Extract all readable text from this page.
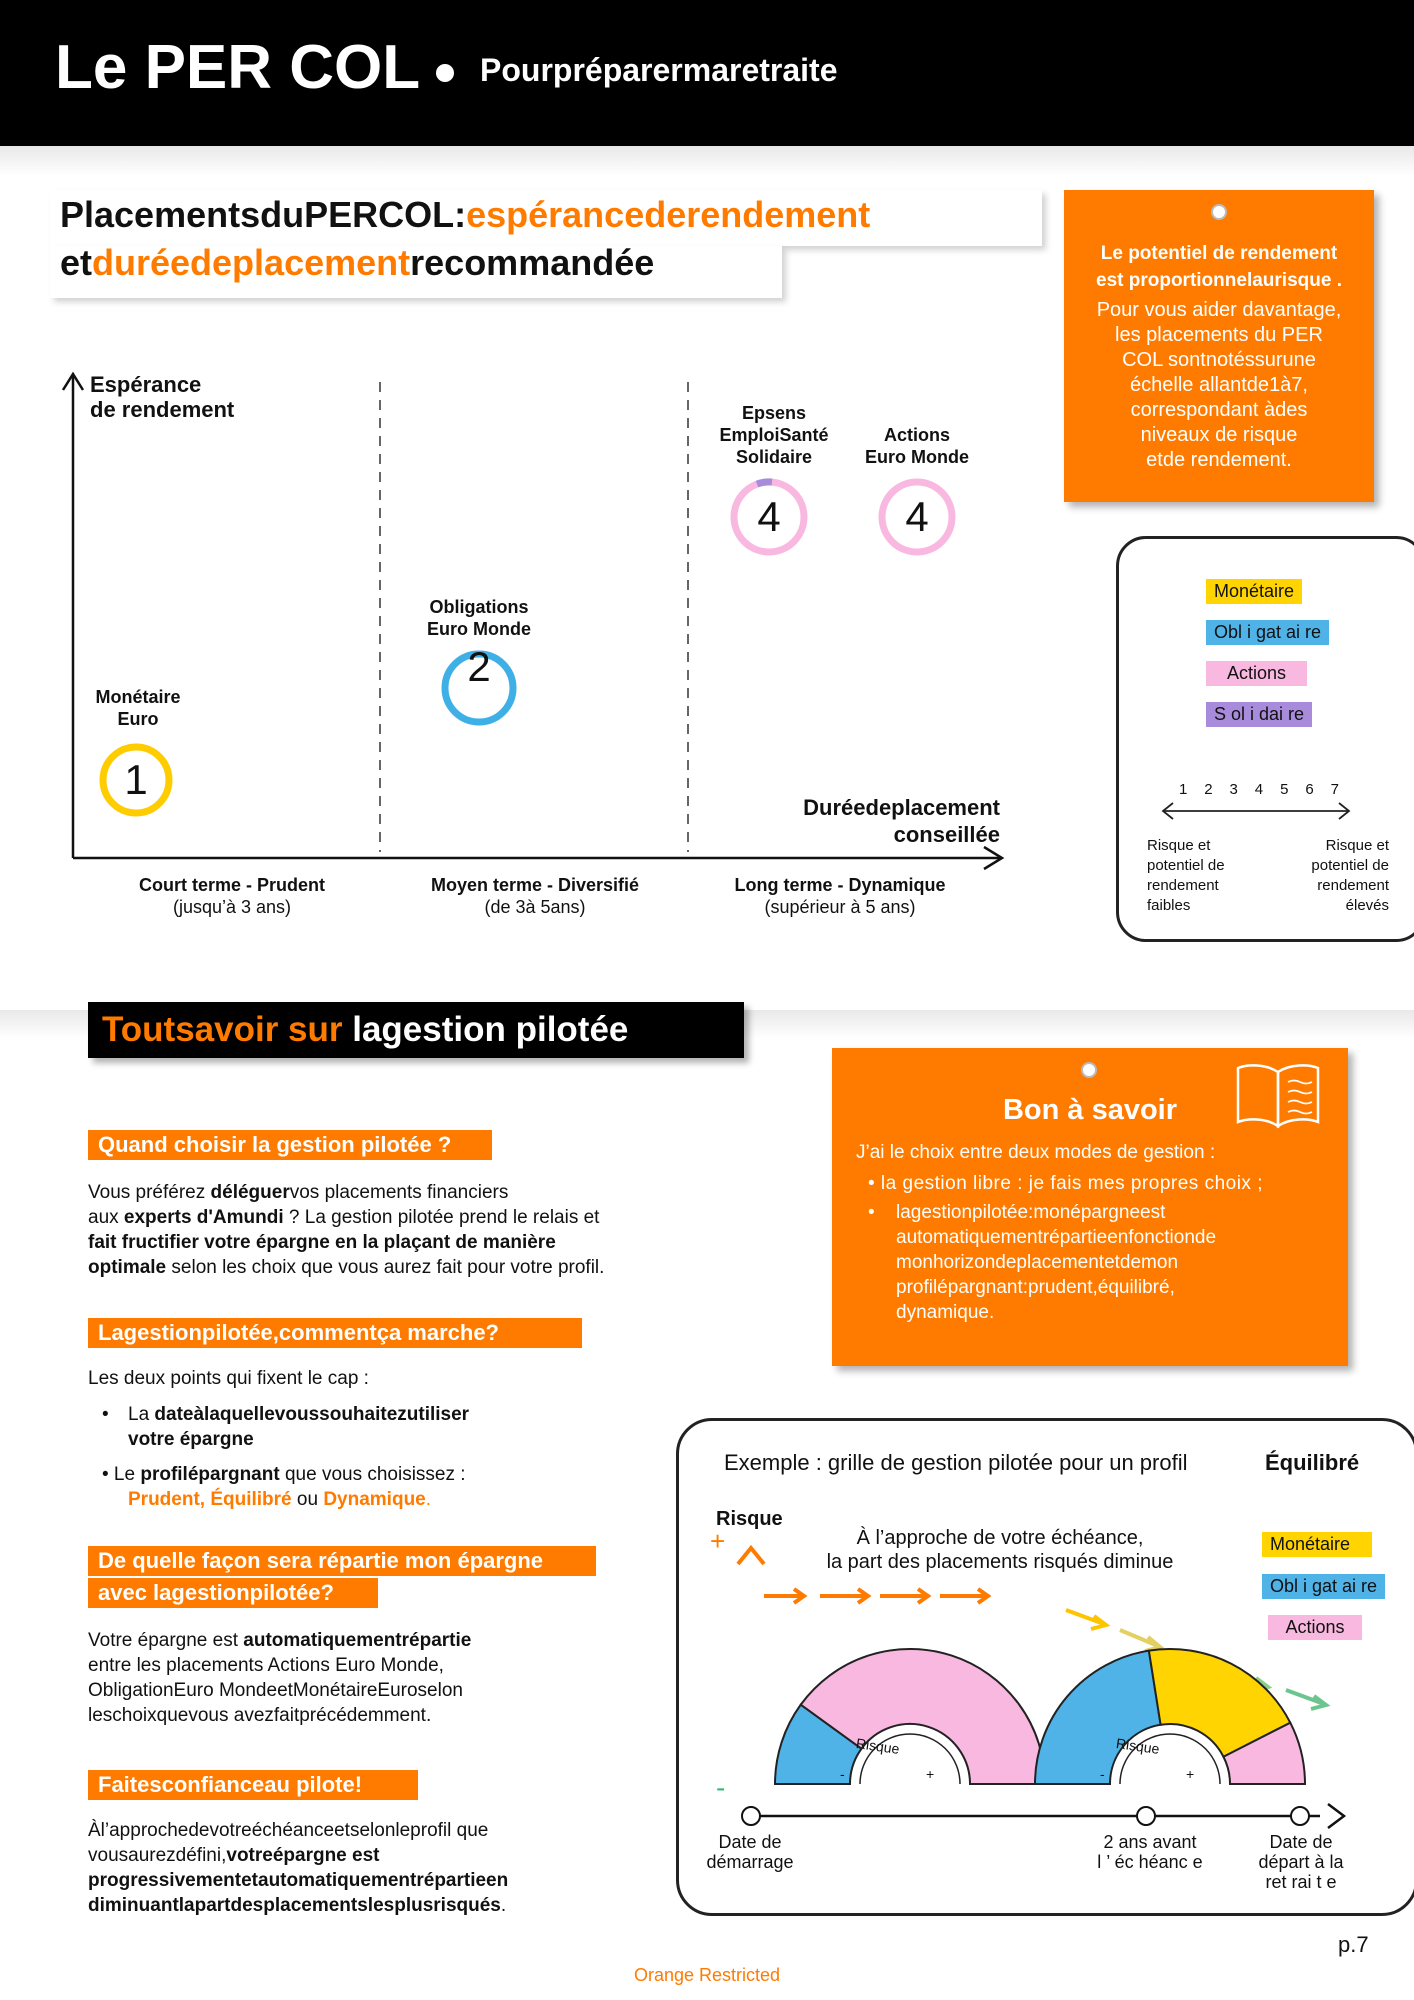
Le PER COL Pourpréparermaretraite
PlacementsduPERCOL:espérancederendement
etduréedeplacementrecommandée	Le potentiel de rendement
est proportionnelaurisque .
Pour vous aider davantage,
les placements du PER
COL sontnotéssurune
échelle allantde1à7,
correspondant àdes
niveaux de risque
etde rendement.
Espérance
de rendement
Duréedeplacement
conseillée
Monétaire
Euro
1
Obligations
Euro Monde
2
Epsens
EmploiSanté
Solidaire
4
Actions
Euro Monde
4
Court terme - Prudent
(jusqu’à 3 ans)
Moyen terme - Diversifié
(de 3à 5ans)
Long terme - Dynamique
(supérieur à 5 ans)
Monétaire
Obl i gat ai re
Actions
S ol i dai re
1 2 3 4 5 6 7
Risque et
potentiel de
rendement
faibles
Risque et
potentiel de
rendement
élevés
Toutsavoir sur lagestion pilotée
Quand choisir la gestion pilotée ?
Vous préférez déléguervos placements financiers
aux experts d'Amundi ? La gestion pilotée prend le relais et
fait fructifier votre épargne en la plaçant de manière
optimale selon les choix que vous aurez fait pour votre profil.
Lagestionpilotée,commentça marche?
Les deux points qui fixent le cap :
• La dateàlaquellevoussouhaitezutiliser
votre épargne
• Le profilépargnant que vous choisissez :
Prudent, Équilibré ou Dynamique.
De quelle façon sera répartie mon épargne
avec lagestionpilotée?
Votre épargne est automatiquementrépartie
entre les placements Actions Euro Monde,
ObligationEuro MondeetMonétaireEuroselon
leschoixquevous avezfaitprécédemment.
Faitesconfianceau pilote!
Àl’approchedevotreéchéanceetselonleprofil que
vousaurezdéfini,votreépargne est
progressivementetautomatiquementrépartieen
diminuantlapartdesplacementslesplusrisqués.
Bon à savoir
J’ai le choix entre deux modes de gestion :
• la gestion libre : je fais mes propres choix ;
• lagestionpilotée:monépargneest
automatiquementrépartieenfonctionde
monhorizondeplacementetdemon
profilépargnant:prudent,équilibré,
dynamique.
Exemple : grille de gestion pilotée pour un profil	Équilibré
Risque
+
-
À l’approche de votre échéance,
la part des placements risqués diminue
Monétaire
Obl i gat ai re
Actions
Date de
démarrage
2 ans avant
l ’ éc héanc e
Date de
départ à la
ret rai t e
Risque
-	+
Risque
-	+
p.7
Orange Restricted
